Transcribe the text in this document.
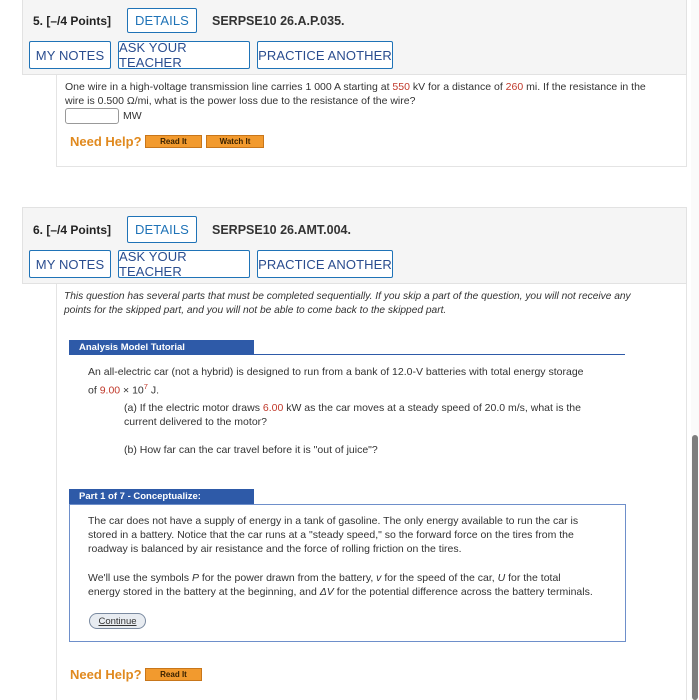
5. [–/4 Points]	DETAILS	SERPSE10 26.A.P.035.
MY NOTES	ASK YOUR TEACHER	PRACTICE ANOTHER
One wire in a high-voltage transmission line carries 1 000 A starting at 550 kV for a distance of 260 mi. If the resistance in the
wire is 0.500 Ω/mi, what is the power loss due to the resistance of the wire?
MW
Need Help?	Read It	Watch It
6. [–/4 Points]	DETAILS	SERPSE10 26.AMT.004.
MY NOTES	ASK YOUR TEACHER	PRACTICE ANOTHER
This question has several parts that must be completed sequentially. If you skip a part of the question, you will not receive any
points for the skipped part, and you will not be able to come back to the skipped part.
Analysis Model Tutorial
An all-electric car (not a hybrid) is designed to run from a bank of 12.0-V batteries with total energy storage
of $9.00 \times 10^7$ J.
(a) If the electric motor draws 6.00 kW as the car moves at a steady speed of 20.0 m/s, what is the
current delivered to the motor?
(b) How far can the car travel before it is "out of juice"?
Part 1 of 7 - Conceptualize:
The car does not have a supply of energy in a tank of gasoline. The only energy available to run the car is
stored in a battery. Notice that the car runs at a "steady speed," so the forward force on the tires from the
roadway is balanced by air resistance and the force of rolling friction on the tires.
We'll use the symbols P for the power drawn from the battery, v for the speed of the car, U for the total
energy stored in the battery at the beginning, and ΔV for the potential difference across the battery terminals.
Continue
Need Help?	Read It
